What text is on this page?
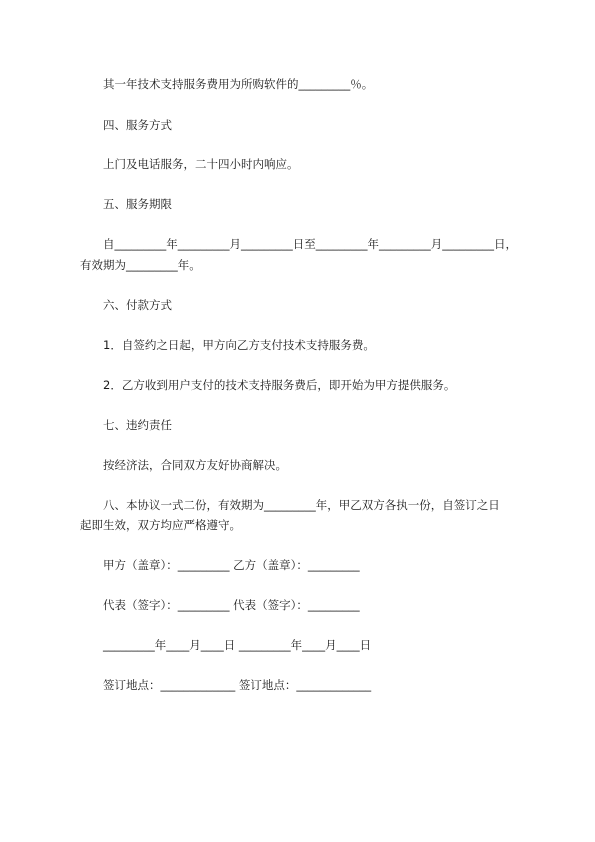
其一年技术支持服务费用为所购软件的_________％。
四、服务方式
上门及电话服务，二十四小时内响应。
五、服务期限
自_________年_________月_________日至_________年_________月_________日，
有效期为_________年。
六、付款方式
1．自签约之日起，甲方向乙方支付技术支持服务费。
2．乙方收到用户支付的技术支持服务费后，即开始为甲方提供服务。
七、违约责任
按经济法，合同双方友好协商解决。
八、本协议一式二份，有效期为_________年，甲乙双方各执一份，自签订之日
起即生效，双方均应严格遵守。
甲方（盖章）：_________ 乙方（盖章）：_________
代表（签字）：_________ 代表（签字）：_________
_________年____月____日 _________年____月____日
签订地点：_____________ 签订地点：_____________
